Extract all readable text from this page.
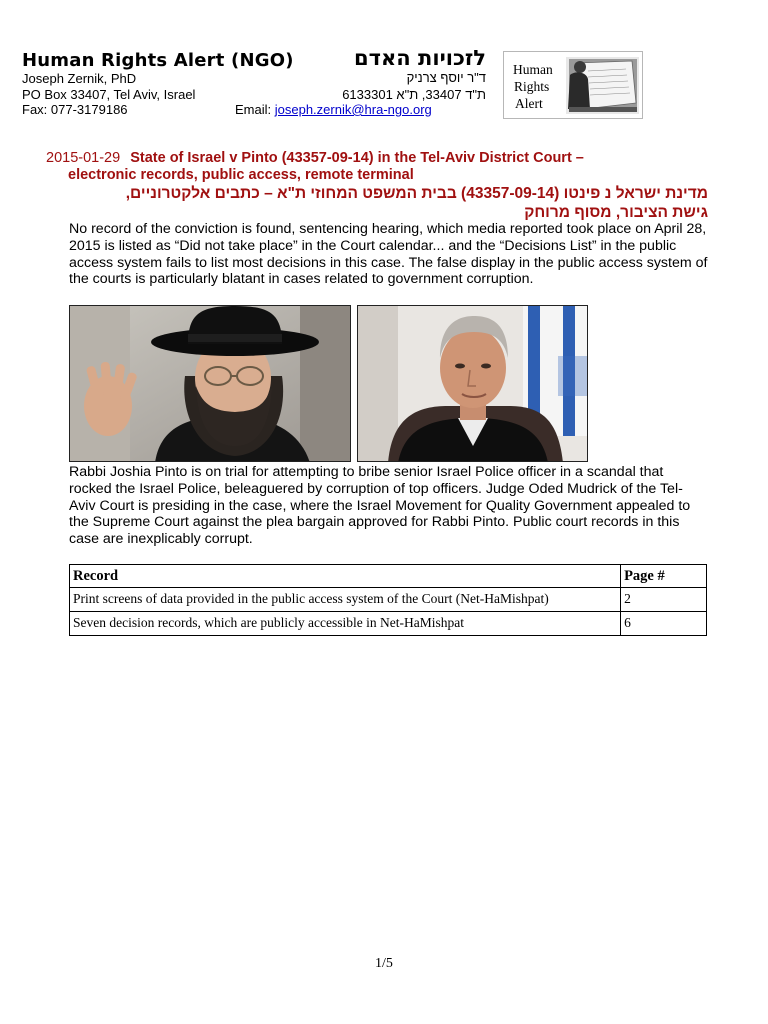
Human Rights Alert (NGO)	לזכויות האדם
Joseph Zernik, PhD	ד"ר יוסף צרניק
PO Box 33407, Tel Aviv, Israel	ת"ד 33407, ת"א 6133301
Fax: 077-3179186	Email: joseph.zernik@hra-ngo.org
Human
Rights
Alert
2015-01-29 State of Israel v Pinto (43357-09-14) in the Tel-Aviv District Court –
electronic records, public access, remote terminal
מדינת ישראל נ פינטו (43357-09-14) בבית המשפט המחוזי ת"א – כתבים אלקטרוניים,
גישת הציבור, מסוף מרוחק
No record of the conviction is found, sentencing hearing, which media reported took place on April 28, 2015 is listed as “Did not take place” in the Court calendar... and the “Decisions List” in the public access system fails to list most decisions in this case. The false display in the public access system of the courts is particularly blatant in cases related to government corruption.
Rabbi Joshia Pinto is on trial for attempting to bribe senior Israel Police officer in a scandal that rocked the Israel Police, beleaguered by corruption of top officers. Judge Oded Mudrick of the Tel-Aviv Court is presiding in the case, where the Israel Movement for Quality Government appealed to the Supreme Court against the plea bargain approved for Rabbi Pinto. Public court records in this case are inexplicably corrupt.
Record	Page #
Print screens of data provided in the public access system of the Court (Net-HaMishpat)	2
Seven decision records, which are publicly accessible in Net-HaMishpat	6
1/5
